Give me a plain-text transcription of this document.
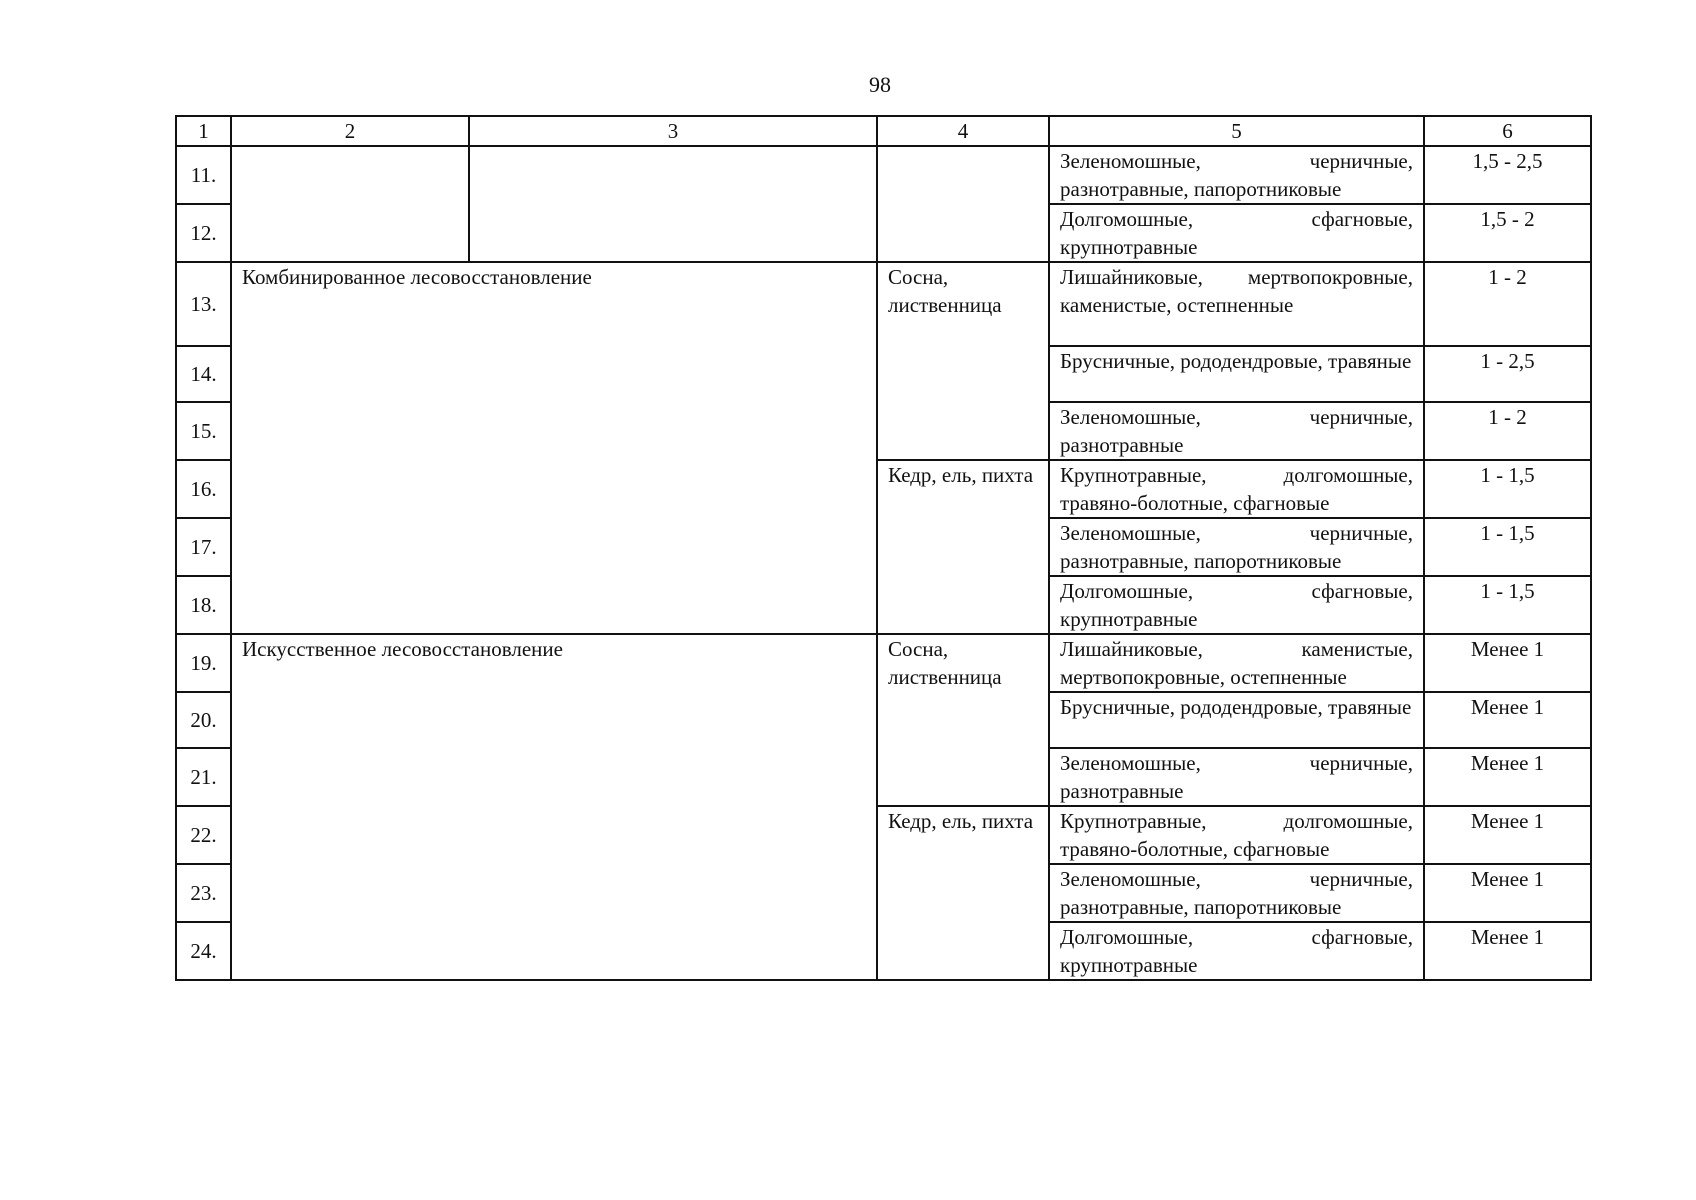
98
1	2	3	4	5	6
11.				Зеленомошные, черничные, разнотравные, папоротниковые	1,5 - 2,5
12.				Долгомошные, сфагновые, крупнотравные	1,5 - 2
13.	Комбинированное лесовосстановление		Сосна, лиственница	Лишайниковые, мертвопокровные, каменистые, остепненные	1 - 2
14.				Брусничные, рододендровые, травяные	1 - 2,5
15.				Зеленомошные, черничные, разнотравные	1 - 2
16.			Кедр, ель, пихта	Крупнотравные, долгомошные, травяно-болотные, сфагновые	1 - 1,5
17.				Зеленомошные, черничные, разнотравные, папоротниковые	1 - 1,5
18.				Долгомошные, сфагновые, крупнотравные	1 - 1,5
19.	Искусственное лесовосстановление		Сосна, лиственница	Лишайниковые, каменистые, мертвопокровные, остепненные	Менее 1
20.				Брусничные, рододендровые, травяные	Менее 1
21.				Зеленомошные, черничные, разнотравные	Менее 1
22.			Кедр, ель, пихта	Крупнотравные, долгомошные, травяно-болотные, сфагновые	Менее 1
23.				Зеленомошные, черничные, разнотравные, папоротниковые	Менее 1
24.				Долгомошные, сфагновые, крупнотравные	Менее 1
